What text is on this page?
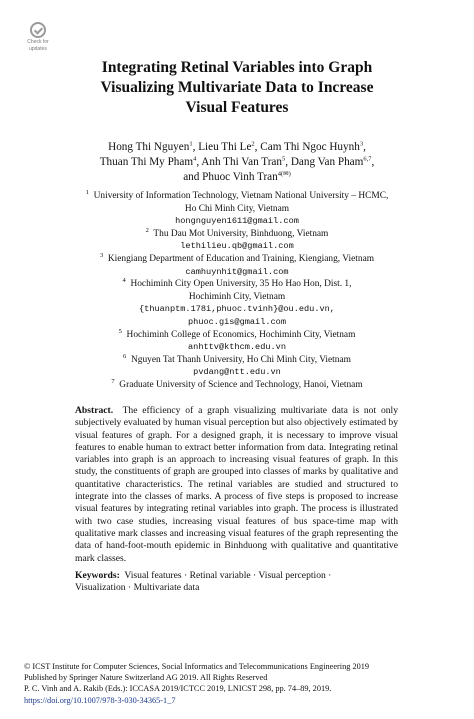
Check for
updates
Integrating Retinal Variables into Graph
Visualizing Multivariate Data to Increase
Visual Features
Hong Thi Nguyen$^1$, Lieu Thi Le$^2$, Cam Thi Ngoc Huynh$^3$,
Thuan Thi My Pham$^4$, Anh Thi Van Tran$^5$, Dang Van Pham$^{6,7}$,
and Phuoc Vinh Tran$^{4(✉)}$
$^1$ University of Information Technology, Vietnam National University – HCMC,
Ho Chi Minh City, Vietnam
hongnguyen1611@gmail.com
$^2$ Thu Dau Mot University, Binhduong, Vietnam
lethilieu.qb@gmail.com
$^3$ Kiengiang Department of Education and Training, Kiengiang, Vietnam
camhuynhit@gmail.com
$^4$ Hochiminh City Open University, 35 Ho Hao Hon, Dist. 1,
Hochiminh City, Vietnam
{thuanptm.178i,phuoc.tvinh}@ou.edu.vn,
phuoc.gis@gmail.com
$^5$ Hochiminh College of Economics, Hochiminh City, Vietnam
anhttv@kthcm.edu.vn
$^6$ Nguyen Tat Thanh University, Ho Chi Minh City, Vietnam
pvdang@ntt.edu.vn
$^7$ Graduate University of Science and Technology, Hanoi, Vietnam
Abstract. The efficiency of a graph visualizing multivariate data is not only subjectively evaluated by human visual perception but also objectively estimated by visual features of graph. For a designed graph, it is necessary to improve visual features to enable human to extract better information from data. Integrating retinal variables into graph is an approach to increasing visual features of graph. In this study, the constituents of graph are grouped into classes of marks by qualitative and quantitative characteristics. The retinal variables are studied and structured to integrate into the classes of marks. A process of five steps is proposed to increase visual features by integrating retinal variables into graph. The process is illustrated with two case studies, increasing visual features of bus space-time map with qualitative mark classes and increasing visual features of the graph representing the data of hand-foot-mouth epidemic in Binhduong with qualitative and quantitative mark classes.
Keywords: Visual features · Retinal variable · Visual perception ·
Visualization · Multivariate data
© ICST Institute for Computer Sciences, Social Informatics and Telecommunications Engineering 2019
Published by Springer Nature Switzerland AG 2019. All Rights Reserved
P. C. Vinh and A. Rakib (Eds.): ICCASA 2019/ICTCC 2019, LNICST 298, pp. 74–89, 2019.
https://doi.org/10.1007/978-3-030-34365-1_7
